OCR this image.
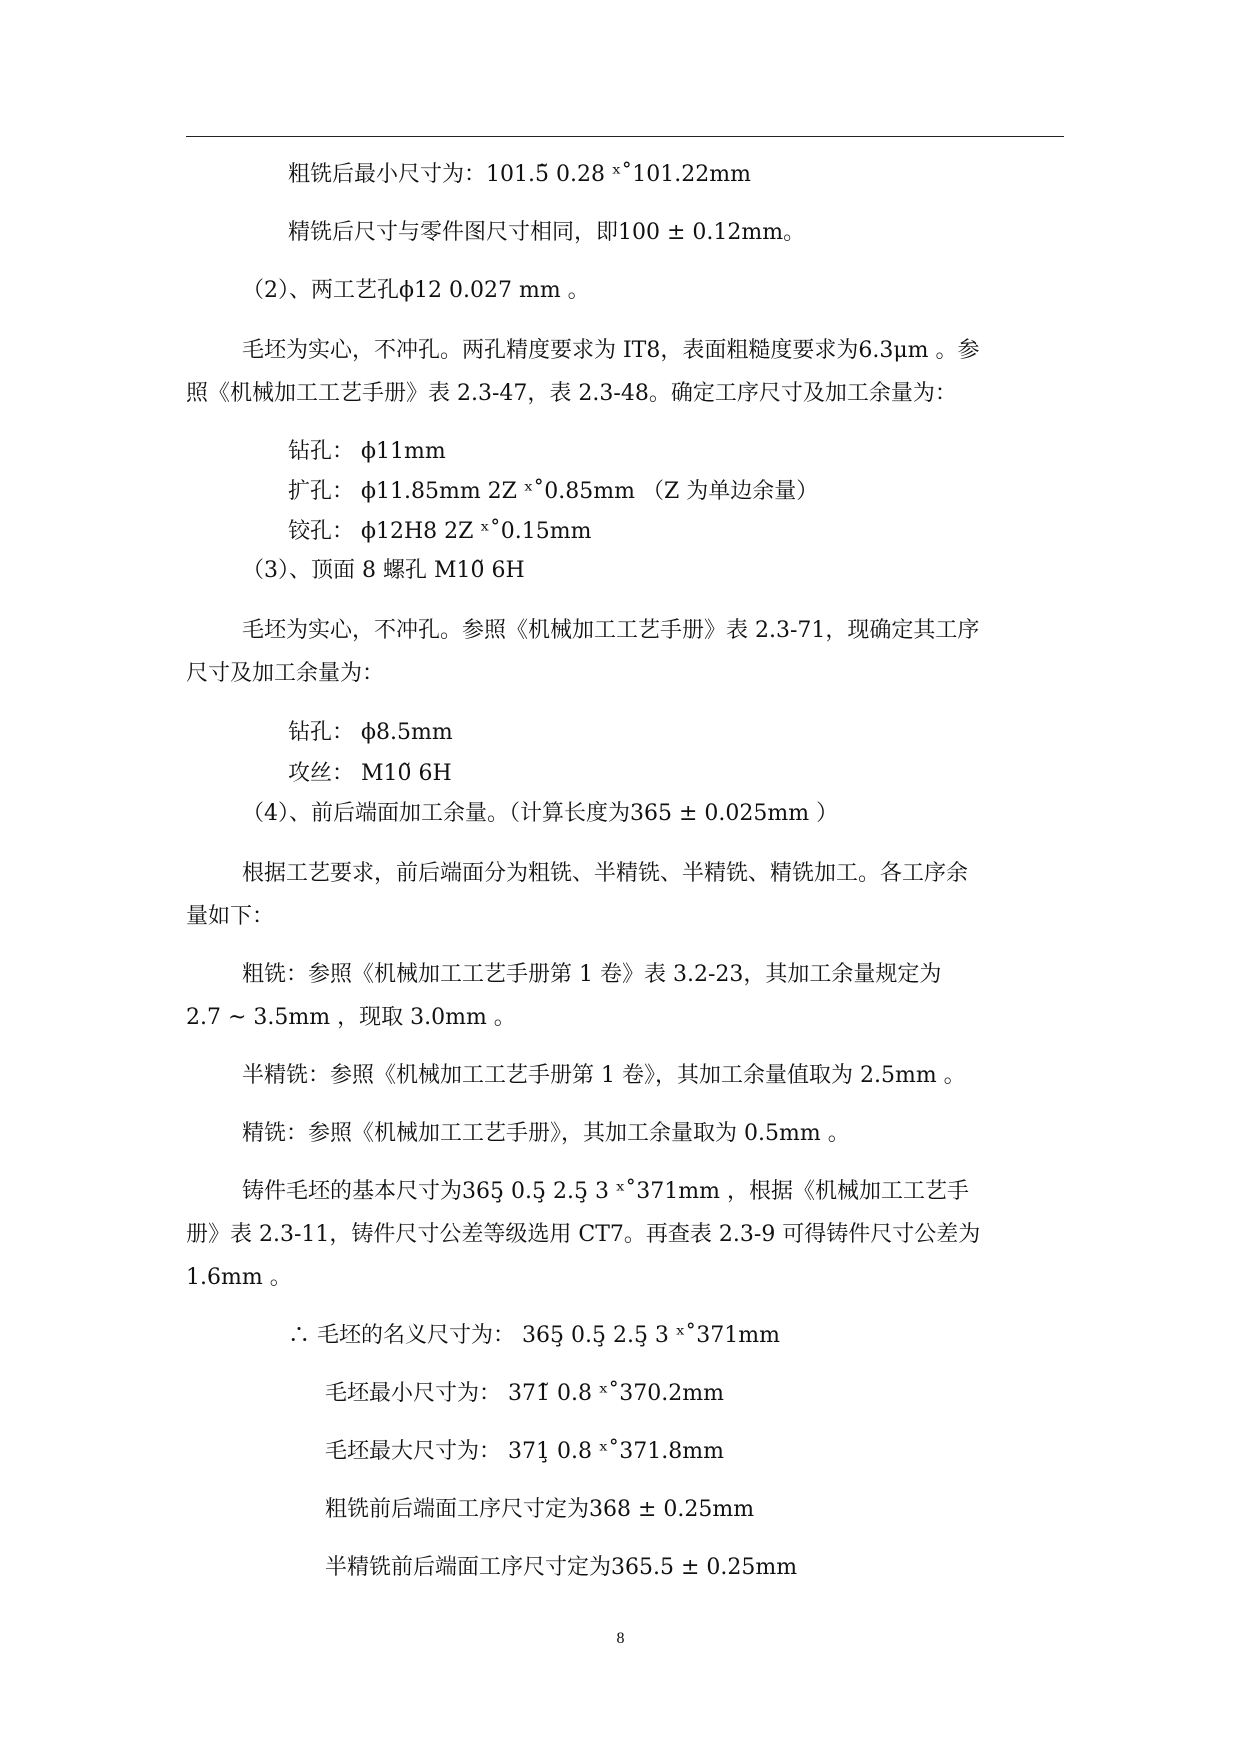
粗铣后最小尺寸为：101.5̃ 0.28 ˣ˚101.22mm
精铣后尺寸与零件图尺寸相同，即100 ± 0.12mm。
（2）、两工艺孔ϕ12 0.027 mm 。
毛坯为实心，不冲孔。两孔精度要求为 IT8，表面粗糙度要求为6.3μm 。参
照《机械加工工艺手册》表 2.3-47，表 2.3-48。确定工序尺寸及加工余量为：
钻孔： ϕ11mm
扩孔： ϕ11.85mm 2Z ˣ˚0.85mm （Z 为单边余量）
铰孔： ϕ12H8 2Z ˣ˚0.15mm
（3）、顶面 8 螺孔 M10̃ 6H
毛坯为实心，不冲孔。参照《机械加工工艺手册》表 2.3-71，现确定其工序
尺寸及加工余量为：
钻孔： ϕ8.5mm
攻丝： M10̃ 6H
（4）、前后端面加工余量。（计算长度为365 ± 0.025mm ）
根据工艺要求，前后端面分为粗铣、半精铣、半精铣、精铣加工。各工序余
量如下：
粗铣：参照《机械加工工艺手册第 1 卷》表 3.2-23，其加工余量规定为
2.7 ~ 3.5mm ，现取 3.0mm 。
半精铣：参照《机械加工工艺手册第 1 卷》，其加工余量值取为 2.5mm 。
精铣：参照《机械加工工艺手册》，其加工余量取为 0.5mm 。
铸件毛坯的基本尺寸为365̧ 0.5̧ 2.5̧ 3 ˣ˚371mm ，根据《机械加工工艺手
册》表 2.3-11，铸件尺寸公差等级选用 CT7。再查表 2.3-9 可得铸件尺寸公差为
1.6mm 。
∴ 毛坯的名义尺寸为： 365̧ 0.5̧ 2.5̧ 3 ˣ˚371mm
毛坯最小尺寸为： 371̃ 0.8 ˣ˚370.2mm
毛坯最大尺寸为： 371̧ 0.8 ˣ˚371.8mm
粗铣前后端面工序尺寸定为368 ± 0.25mm
半精铣前后端面工序尺寸定为365.5 ± 0.25mm
8
